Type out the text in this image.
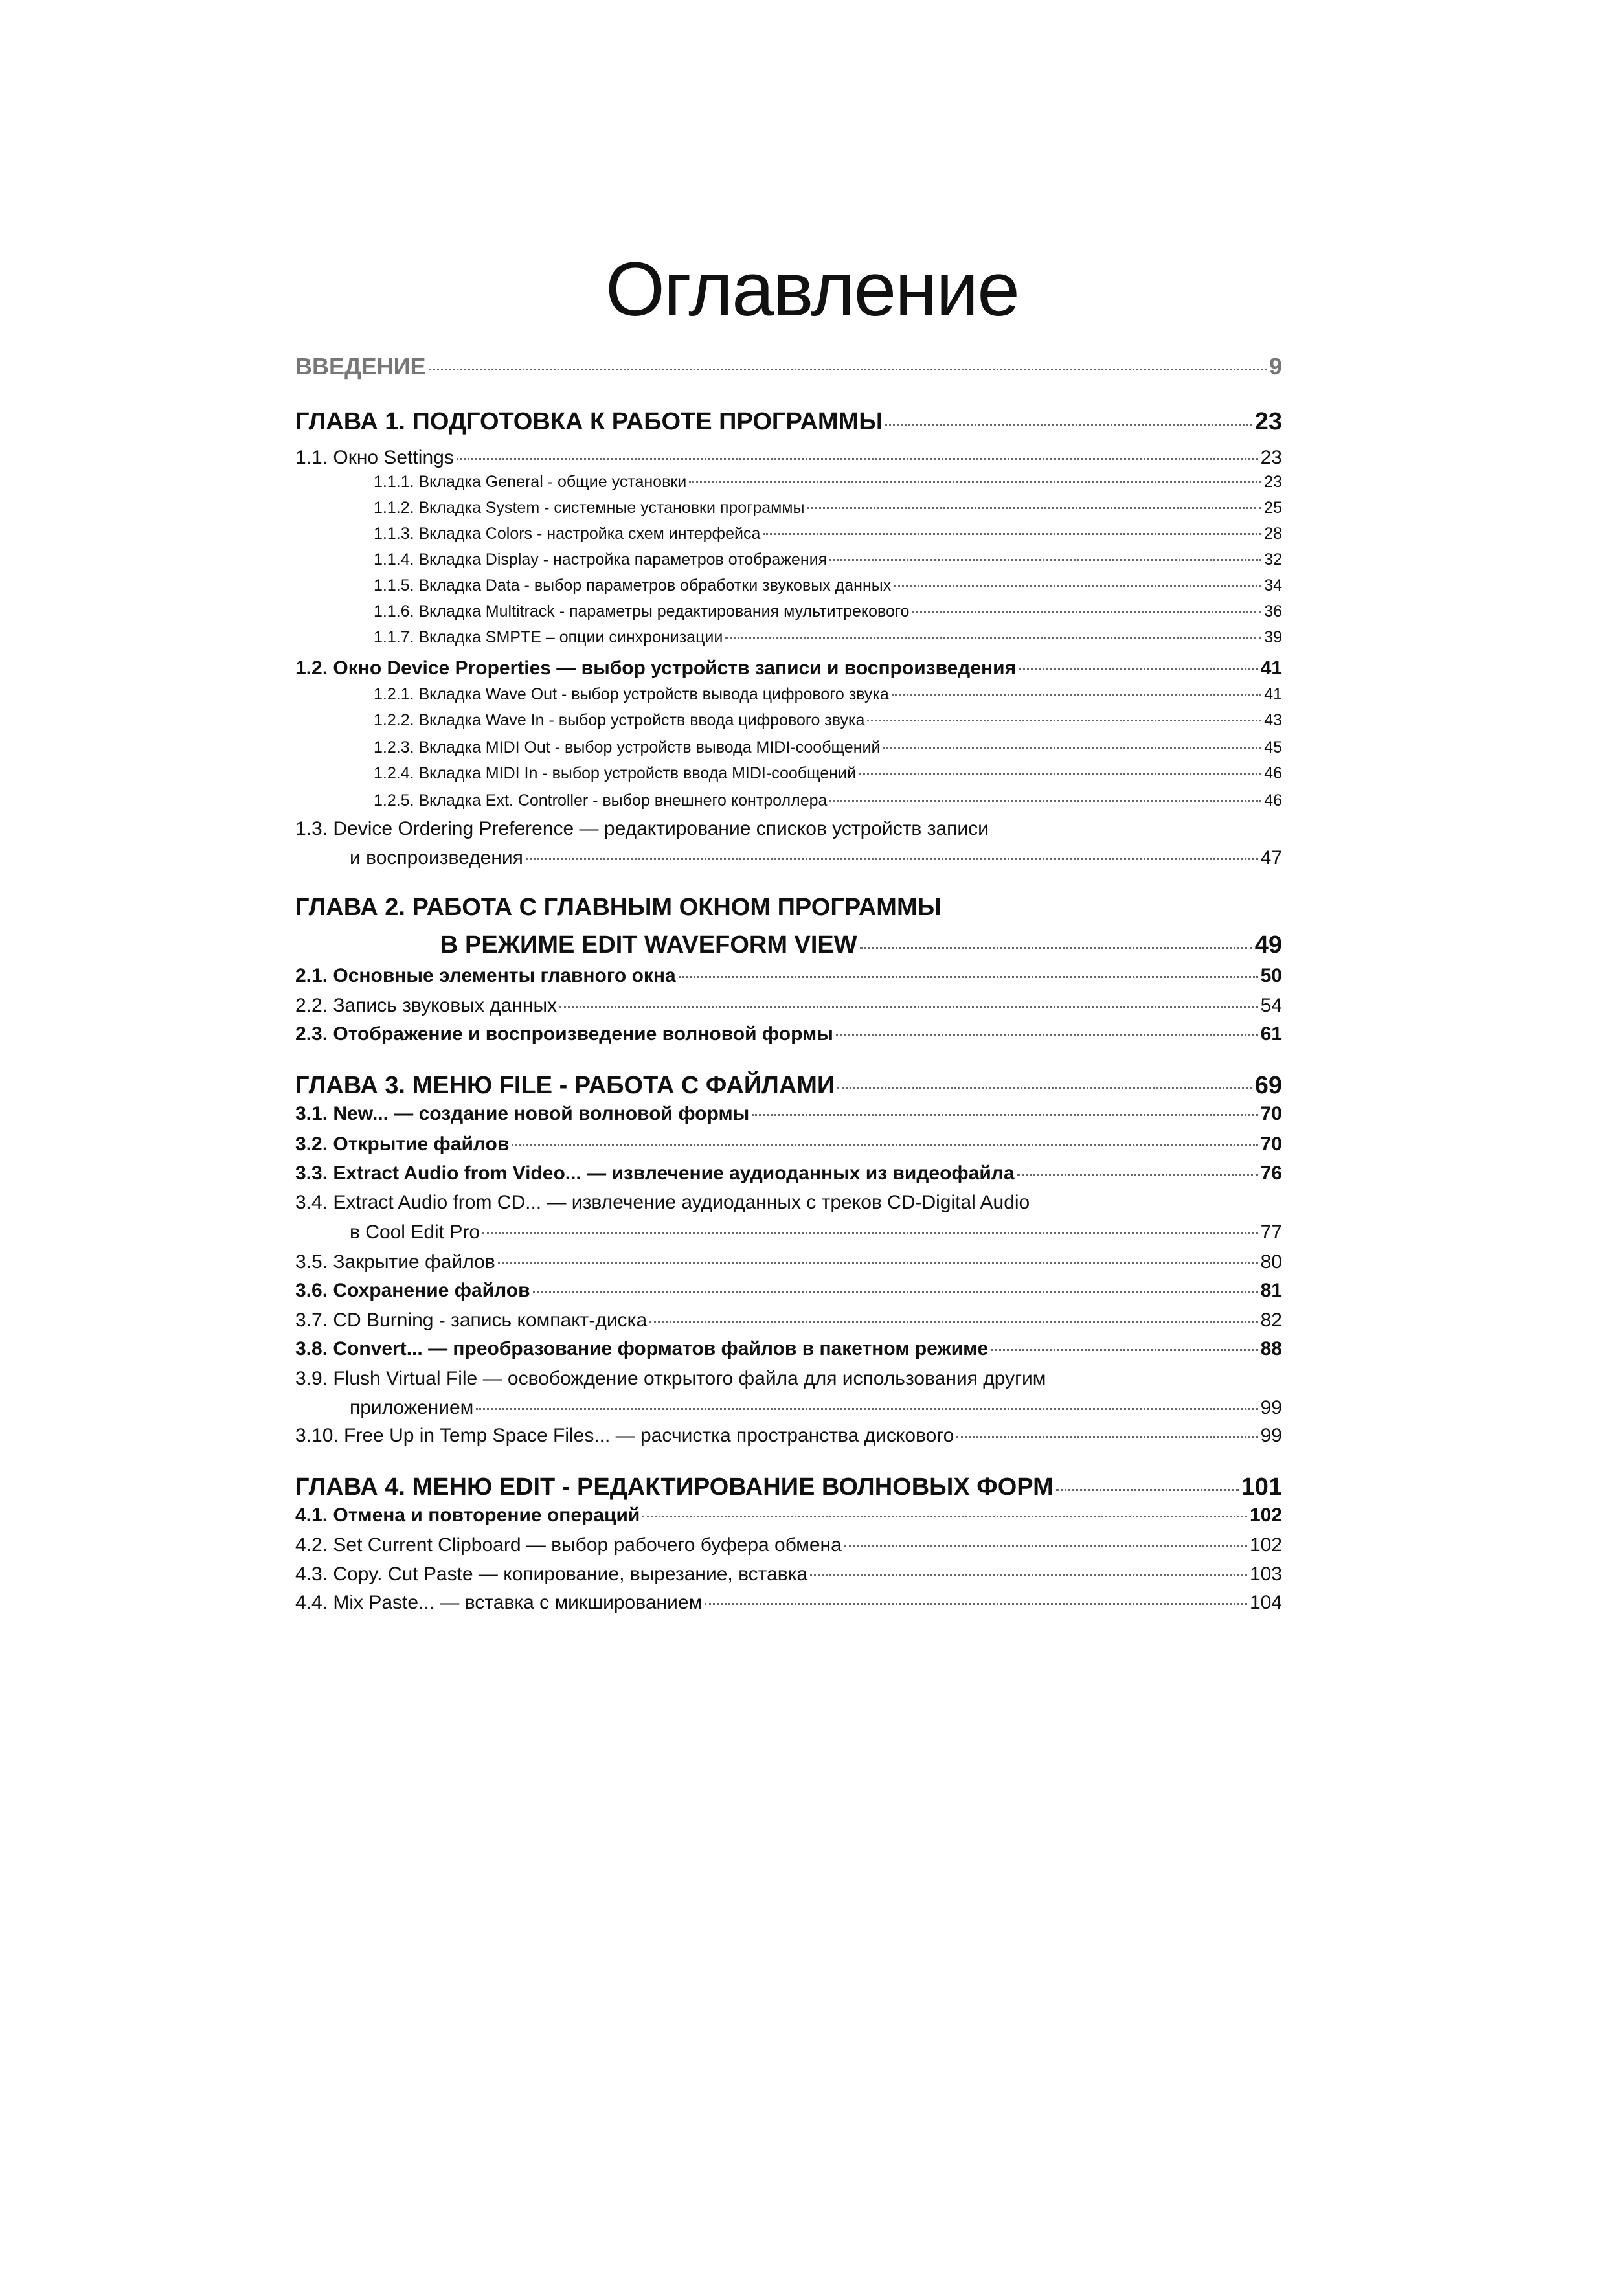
Оглавление
ВВЕДЕНИЕ	9
ГЛАВА 1. ПОДГОТОВКА К РАБОТЕ ПРОГРАММЫ	23
1.1. Окно Settings	23
1.1.1. Вкладка General - общие установки	23
1.1.2. Вкладка System - системные установки программы	25
1.1.3. Вкладка Colors - настройка схем интерфейса	28
1.1.4. Вкладка Display - настройка параметров отображения	32
1.1.5. Вкладка Data - выбор параметров обработки звуковых данных	34
1.1.6. Вкладка Multitrack - параметры редактирования мультитрекового	36
1.1.7. Вкладка SMPTE – опции синхронизации	39
1.2. Окно Device Properties — выбор устройств записи и воспроизведения	41
1.2.1. Вкладка Wave Out - выбор устройств вывода цифрового звука	41
1.2.2. Вкладка Wave In - выбор устройств ввода цифрового звука	43
1.2.3. Вкладка MIDI Out - выбор устройств вывода MIDI-сообщений	45
1.2.4. Вкладка MIDI In - выбор устройств ввода MIDI-сообщений	46
1.2.5. Вкладка Ext. Controller - выбор внешнего контроллера	46
1.3. Device Ordering Preference — редактирование списков устройств записи
и воспроизведения	47
ГЛАВА 2. РАБОТА С ГЛАВНЫМ ОКНОМ ПРОГРАММЫ
В РЕЖИМЕ EDIT WAVEFORM VIEW	49
2.1. Основные элементы главного окна	50
2.2. Запись звуковых данных	54
2.3. Отображение и воспроизведение волновой формы	61
ГЛАВА 3. МЕНЮ FILE - РАБОТА С ФАЙЛАМИ	69
3.1. New... — создание новой волновой формы	70
3.2. Открытие файлов	70
3.3. Extract Audio from Video... — извлечение аудиоданных из видеофайла	76
3.4. Extract Audio from CD... — извлечение аудиоданных с треков CD-Digital Audio
в Cool Edit Pro	77
3.5. Закрытие файлов	80
3.6. Сохранение файлов	81
3.7. CD Burning - запись компакт-диска	82
3.8. Convert... — преобразование форматов файлов в пакетном режиме	88
3.9. Flush Virtual File — освобождение открытого файла для использования другим
приложением	99
3.10. Free Up in Temp Space Files... — расчистка пространства дискового	99
ГЛАВА 4. МЕНЮ EDIT - РЕДАКТИРОВАНИЕ ВОЛНОВЫХ ФОРМ	101
4.1. Отмена и повторение операций	102
4.2. Set Current Clipboard — выбор рабочего буфера обмена	102
4.3. Copy. Cut Paste — копирование, вырезание, вставка	103
4.4. Mix Paste... — вставка с микшированием	104
